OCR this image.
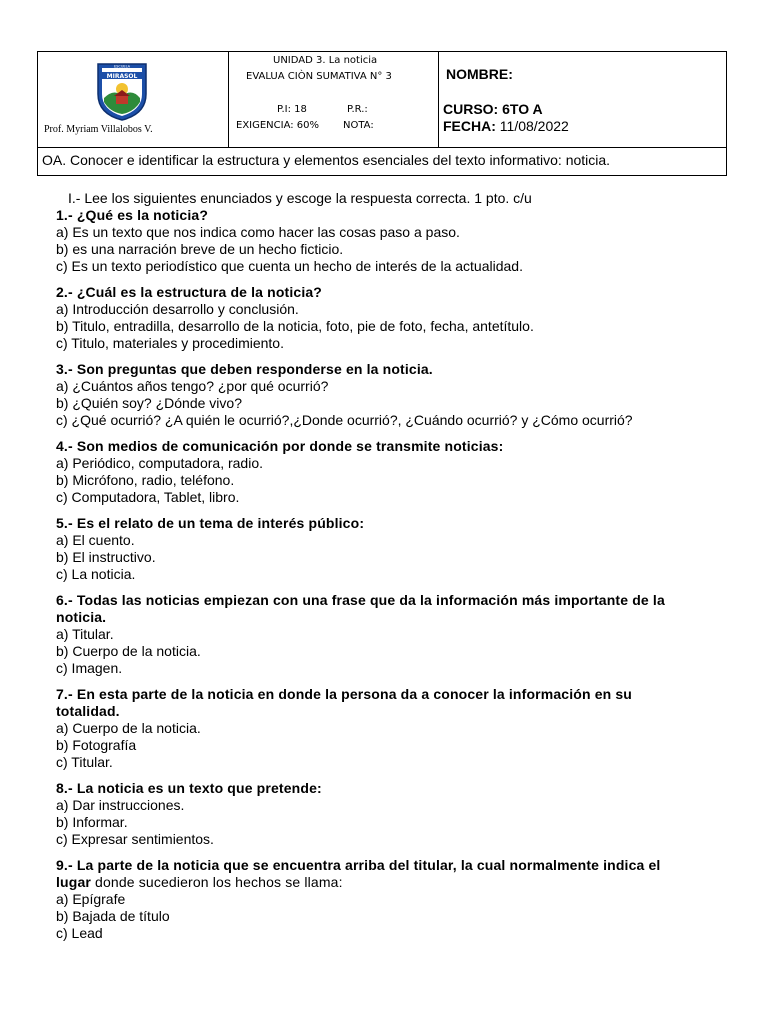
MIRASOL
ESCUELA
Prof. Myriam Villalobos V.
UNIDAD 3. La noticia
EVALUA CIÒN SUMATIVA N° 3
P.I: 18	P.R.:
EXIGENCIA: 60% NOTA:
NOMBRE:
CURSO: 6TO A
FECHA: 11/08/2022
OA. Conocer e identificar la estructura y elementos esenciales del texto informativo: noticia.
I.- Lee los siguientes enunciados y escoge la respuesta correcta. 1 pto. c/u
1.- ¿Qué es la noticia?
a) Es un texto que nos indica como hacer las cosas paso a paso.
b) es una narración breve de un hecho ficticio.
c) Es un texto periodístico que cuenta un hecho de interés de la actualidad.
2.- ¿Cuál es la estructura de la noticia?
a) Introducción desarrollo y conclusión.
b) Titulo, entradilla, desarrollo de la noticia, foto, pie de foto, fecha, antetítulo.
c) Titulo, materiales y procedimiento.
3.- Son preguntas que deben responderse en la noticia.
a) ¿Cuántos años tengo? ¿por qué ocurrió?
b) ¿Quién soy? ¿Dónde vivo?
c) ¿Qué ocurrió? ¿A quién le ocurrió?,¿Donde ocurrió?, ¿Cuándo ocurrió? y ¿Cómo ocurrió?
4.- Son medios de comunicación por donde se transmite noticias:
a) Periódico, computadora, radio.
b) Micrófono, radio, teléfono.
c) Computadora, Tablet, libro.
5.- Es el relato de un tema de interés público:
a) El cuento.
b) El instructivo.
c) La noticia.
6.- Todas las noticias empiezan con una frase que da la información más importante de la
noticia.
a) Titular.
b) Cuerpo de la noticia.
c) Imagen.
7.- En esta parte de la noticia en donde la persona da a conocer la información en su
totalidad.
a) Cuerpo de la noticia.
b) Fotografía
c) Titular.
8.- La noticia es un texto que pretende:
a) Dar instrucciones.
b) Informar.
c) Expresar sentimientos.
9.- La parte de la noticia que se encuentra arriba del titular, la cual normalmente indica el
lugar donde sucedieron los hechos se llama:
a) Epígrafe
b) Bajada de título
c) Lead
